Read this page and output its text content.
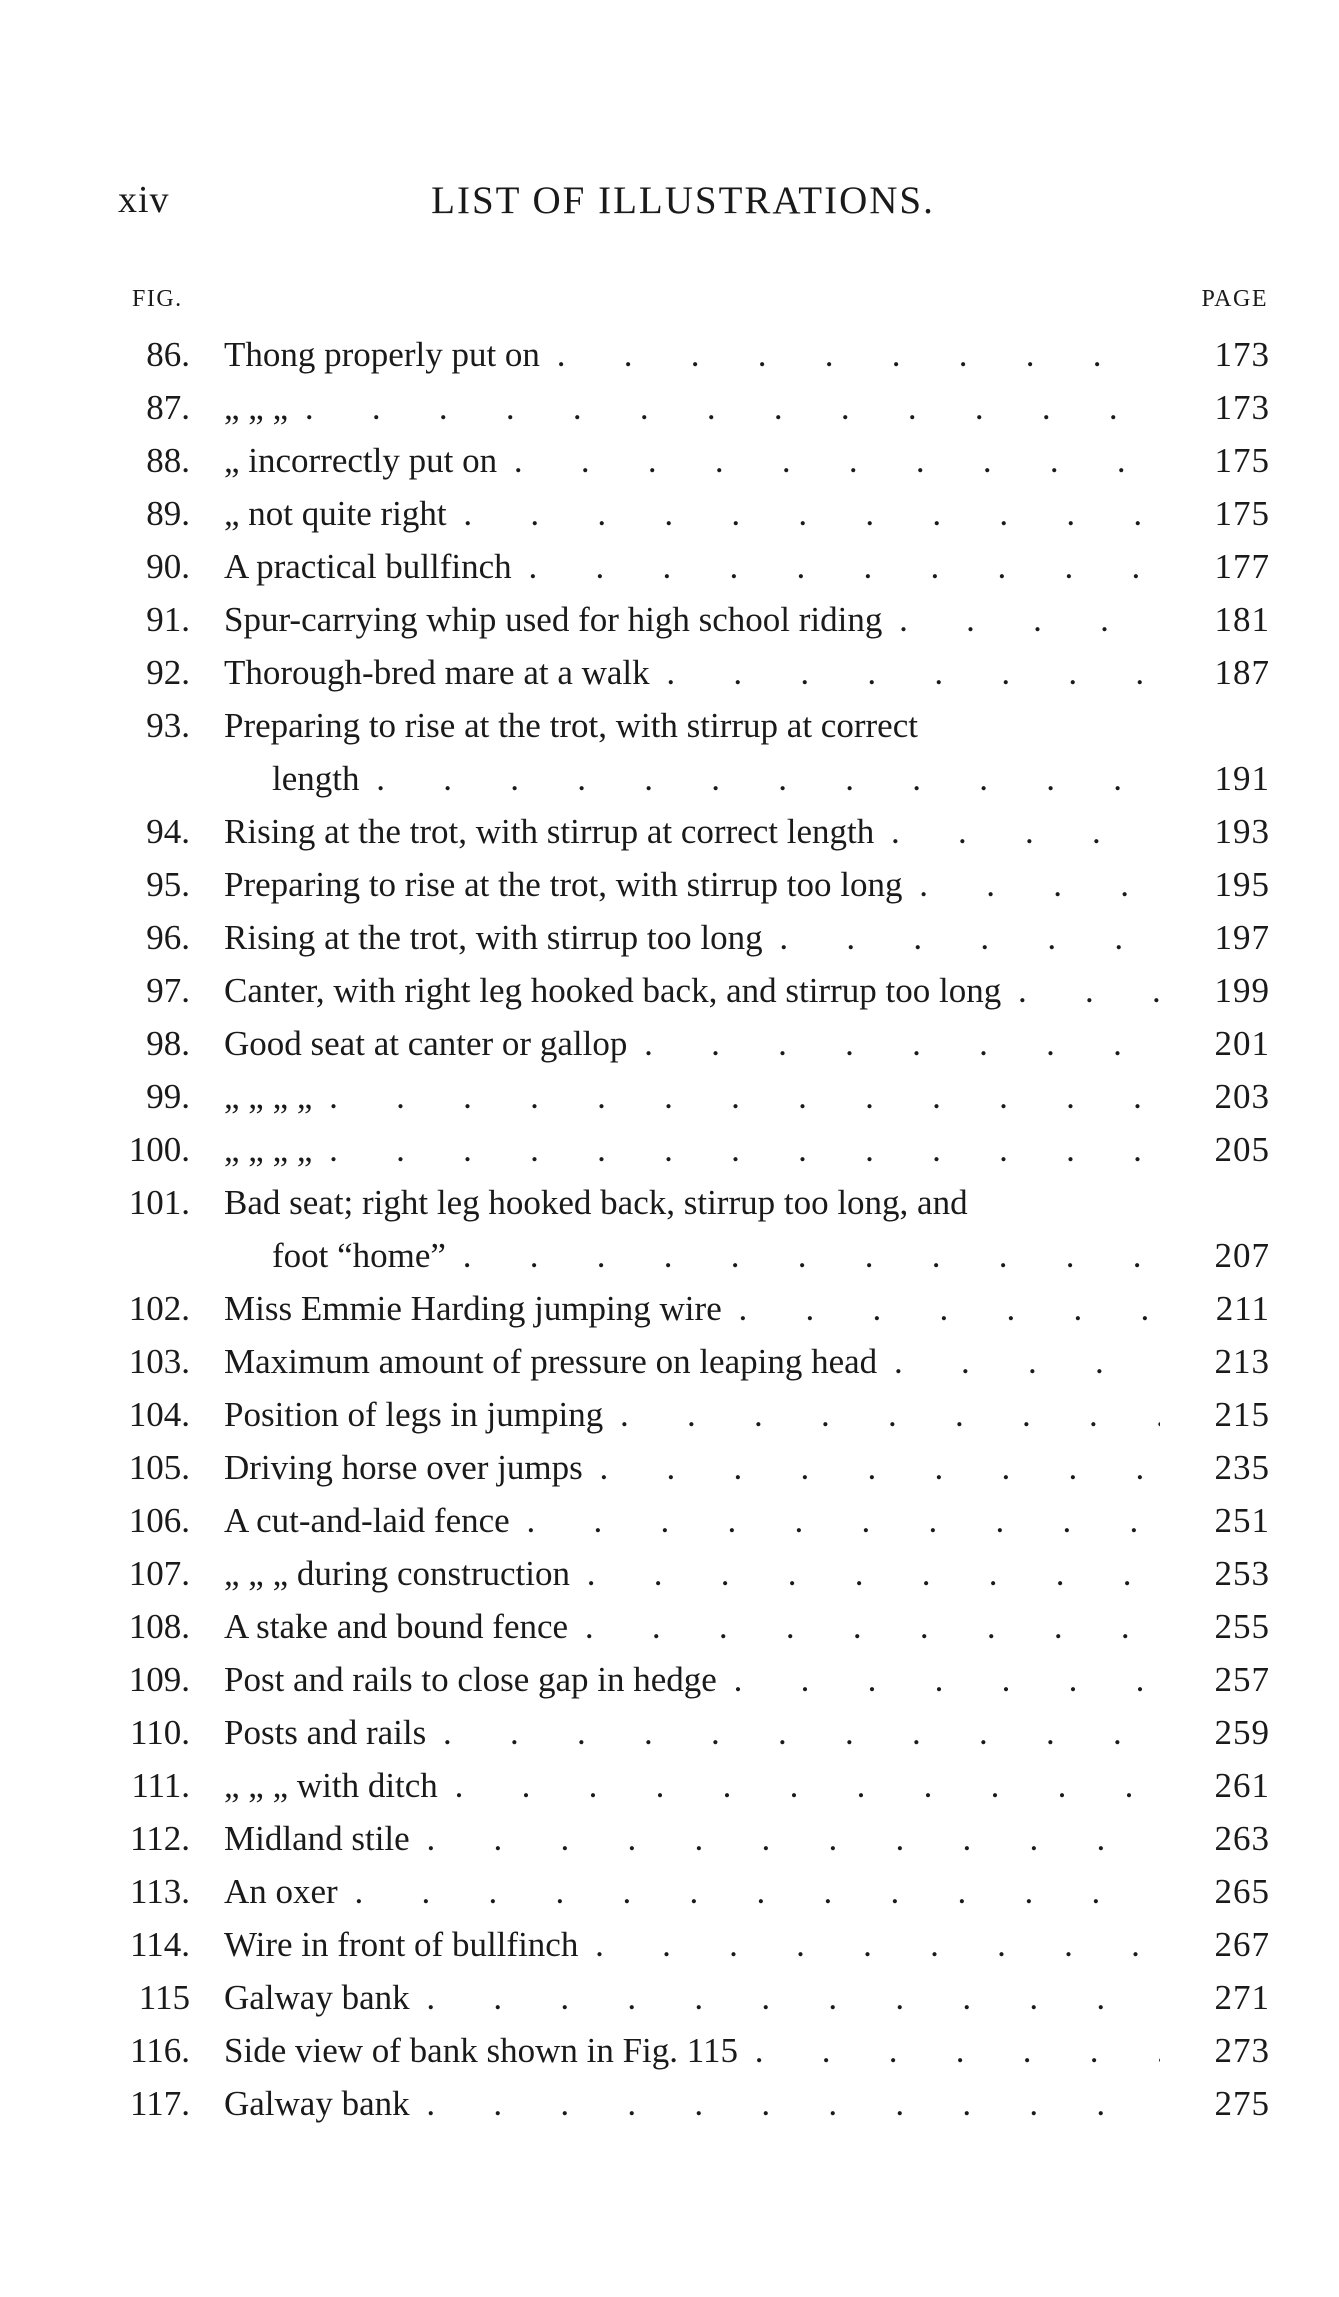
xiv	LIST OF ILLUSTRATIONS.
FIG.	PAGE
86. Thong properly put on . .	173
87. „ „ „ . .	173
88. „ incorrectly put on . .	175
89. „ not quite right . .	175
90. A practical bullfinch . .	177
91. Spur-carrying whip used for high school riding . .	181
92. Thorough-bred mare at a walk . .	187
93. Preparing to rise at the trot, with stirrup at correct
length . .	191
94. Rising at the trot, with stirrup at correct length . .	193
95. Preparing to rise at the trot, with stirrup too long . .	195
96. Rising at the trot, with stirrup too long . .	197
97. Canter, with right leg hooked back, and stirrup too long . .	199
98. Good seat at canter or gallop . .	201
99. „ „ „ „ . .	203
100. „ „ „ „ . .	205
101. Bad seat; right leg hooked back, stirrup too long, and
foot “home” . .	207
102. Miss Emmie Harding jumping wire . .	211
103. Maximum amount of pressure on leaping head . .	213
104. Position of legs in jumping . .	215
105. Driving horse over jumps . .	235
106. A cut-and-laid fence . .	251
107. „ „ „ during construction . .	253
108. A stake and bound fence . .	255
109. Post and rails to close gap in hedge . .	257
110. Posts and rails . .	259
111. „ „ „ with ditch . .	261
112. Midland stile . .	263
113. An oxer . .	265
114. Wire in front of bullfinch . .	267
115 Galway bank . .	271
116. Side view of bank shown in Fig. 115 . .	273
117. Galway bank . .	275
